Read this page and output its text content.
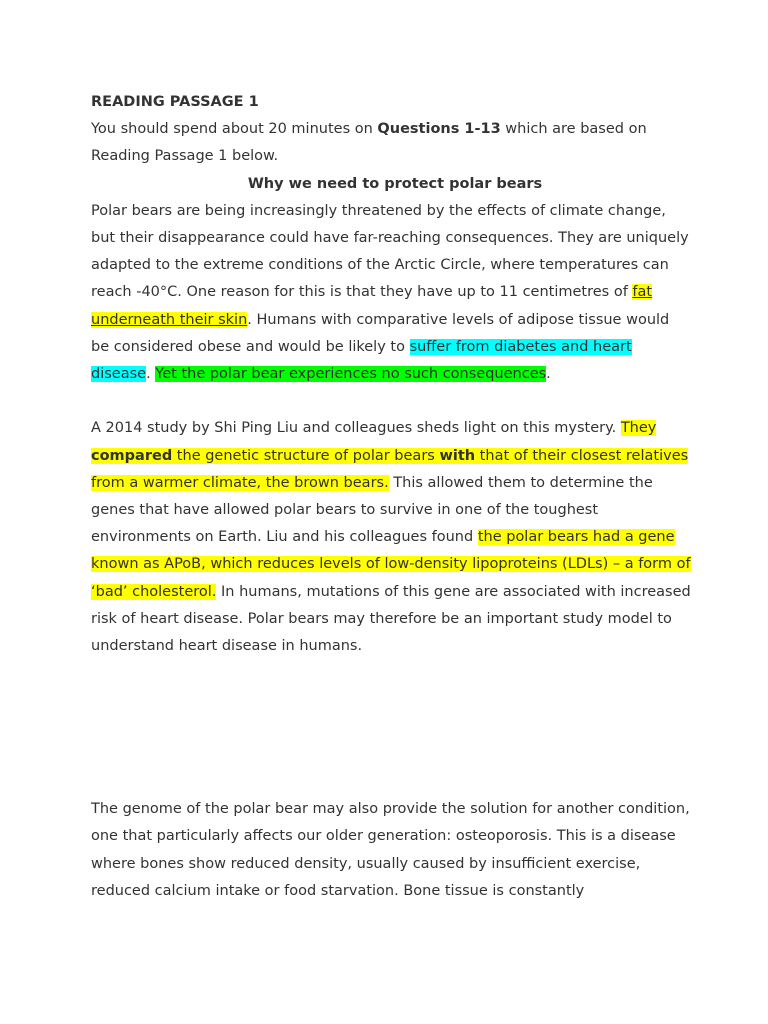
READING PASSAGE 1

You should spend about 20 minutes on Questions 1-13 which are based on Reading Passage 1 below.

Why we need to protect polar bears

Polar bears are being increasingly threatened by the effects of climate change, but their disappearance could have far-reaching consequences. They are uniquely adapted to the extreme conditions of the Arctic Circle, where temperatures can reach -40°C. One reason for this is that they have up to 11 centimetres of fat underneath their skin. Humans with comparative levels of adipose tissue would be considered obese and would be likely to suffer from diabetes and heart disease. Yet the polar bear experiences no such consequences.

A 2014 study by Shi Ping Liu and colleagues sheds light on this mystery. They compared the genetic structure of polar bears with that of their closest relatives from a warmer climate, the brown bears. This allowed them to determine the genes that have allowed polar bears to survive in one of the toughest environments on Earth. Liu and his colleagues found the polar bears had a gene known as APoB, which reduces levels of low-density lipoproteins (LDLs) – a form of ‘bad’ cholesterol. In humans, mutations of this gene are associated with increased risk of heart disease. Polar bears may therefore be an important study model to understand heart disease in humans.

The genome of the polar bear may also provide the solution for another condition, one that particularly affects our older generation: osteoporosis. This is a disease where bones show reduced density, usually caused by insufficient exercise, reduced calcium intake or food starvation. Bone tissue is constantly
